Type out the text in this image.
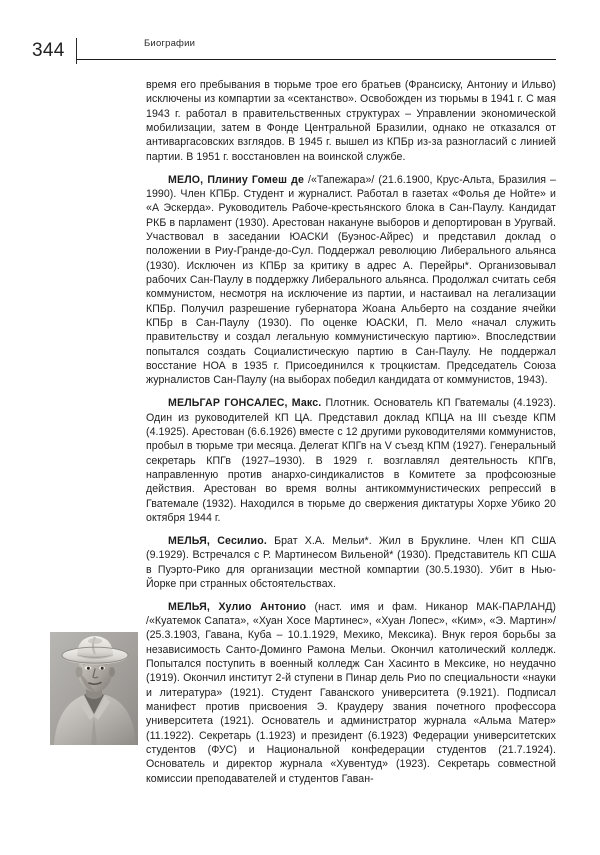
344	Биографии

время его пребывания в тюрьме трое его братьев (Франсиску, Антониу и Ильво) исключены из компартии за «сектанство». Освобожден из тюрьмы в 1941 г. С мая 1943 г. работал в правительственных структурах – Управлении экономической мобилизации, затем в Фонде Центральной Бразилии, однако не отказался от антиваргасовских взглядов. В 1945 г. вышел из КПБр из-за разногласий с линией партии. В 1951 г. восстановлен на воинской службе.

МЕЛО, Плиниу Гомеш де /«Тапежара»/ (21.6.1900, Крус-Альта, Бразилия – 1990). Член КПБр. Студент и журналист. Работал в газетах «Фолья де Нойте» и «А Эскерда». Руководитель Рабоче-крестьянского блока в Сан-Паулу. Кандидат РКБ в парламент (1930). Арестован накануне выборов и депортирован в Уругвай. Участвовал в заседании ЮАСКИ (Буэнос-Айрес) и представил доклад о положении в Риу-Гранде-до-Сул. Поддержал революцию Либерального альянса (1930). Исключен из КПБр за критику в адрес А. Перейры*. Организовывал рабочих Сан-Паулу в поддержку Либерального альянса. Продолжал считать себя коммунистом, несмотря на исключение из партии, и настаивал на легализации КПБр. Получил разрешение губернатора Жоана Альберто на создание ячейки КПБр в Сан-Паулу (1930). По оценке ЮАСКИ, П. Мело «начал служить правительству и создал легальную коммунистическую партию». Впоследствии попытался создать Социалистическую партию в Сан-Паулу. Не поддержал восстание НОА в 1935 г. Присоединился к троцкистам. Председатель Союза журналистов Сан-Паулу (на выборах победил кандидата от коммунистов, 1943).

МЕЛЬГАР ГОНСАЛЕС, Макс. Плотник. Основатель КП Гватемалы (4.1923). Один из руководителей КП ЦА. Представил доклад КПЦА на III съезде КПМ (4.1925). Арестован (6.6.1926) вместе с 12 другими руководителями коммунистов, пробыл в тюрьме три месяца. Делегат КПГв на V съезд КПМ (1927). Генеральный секретарь КПГв (1927–1930). В 1929 г. возглавлял деятельность КПГв, направленную против анархо-синдикалистов в Комитете за профсоюзные действия. Арестован во время волны антикоммунистических репрессий в Гватемале (1932). Находился в тюрьме до свержения диктатуры Хорхе Убико 20 октября 1944 г.

МЕЛЬЯ, Сесилио. Брат Х.А. Мельи*. Жил в Бруклине. Член КП США (9.1929). Встречался с Р. Мартинесом Вильеной* (1930). Представитель КП США в Пуэрто-Рико для организации местной компартии (30.5.1930). Убит в Нью-Йорке при странных обстоятельствах.

МЕЛЬЯ, Хулио Антонио (наст. имя и фам. Никанор МАК-ПАРЛАНД) /«Куатемок Сапата», «Хуан Хосе Мартинес», «Хуан Лопес», «Ким», «Э. Мартин»/ (25.3.1903, Гавана, Куба – 10.1.1929, Мехико, Мексика). Внук героя борьбы за независимость Санто-Доминго Рамона Мельи. Окончил католический колледж. Попытался поступить в военный колледж Сан Хасинто в Мексике, но неудачно (1919). Окончил институт 2-й ступени в Пинар дель Рио по специальности «науки и литература» (1921). Студент Гаванского университета (9.1921). Подписал манифест против присвоения Э. Краудеру звания почетного профессора университета (1921). Основатель и администратор журнала «Альма Матер» (11.1922). Секретарь (1.1923) и президент (6.1923) Федерации университетских студентов (ФУС) и Национальной конфедерации студентов (21.7.1924). Основатель и директор журнала «Хувентуд» (1923). Секретарь совместной комиссии преподавателей и студентов Гаван-
